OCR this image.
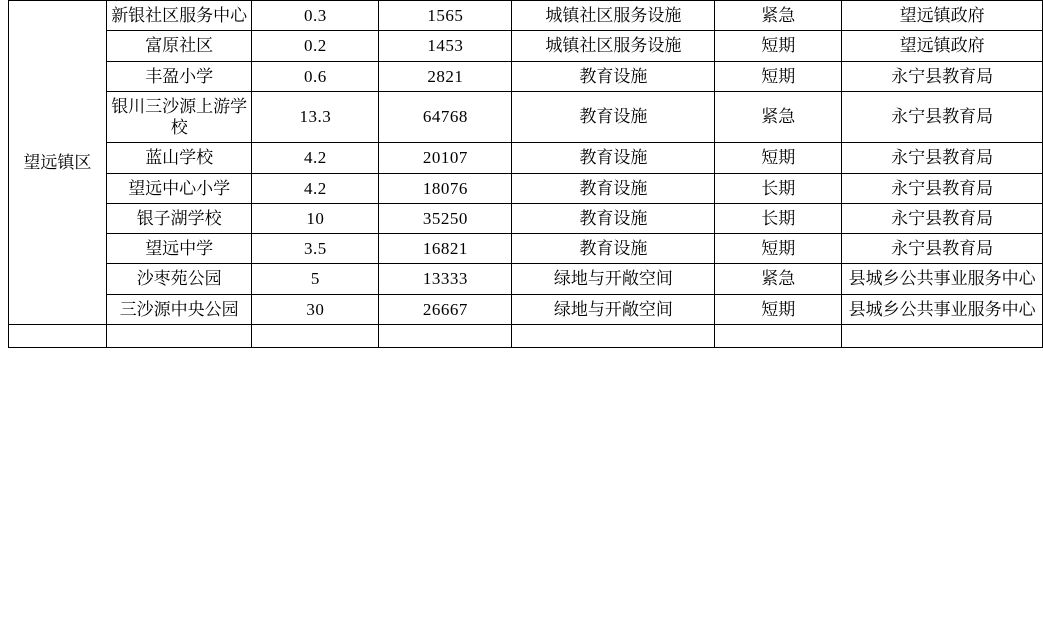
	望远镇区	新银社区服务中心	0.3	1565	城镇社区服务设施	紧急	望远镇政府
		富原社区	0.2	1453	城镇社区服务设施	短期	望远镇政府
		丰盈小学	0.6	2821	教育设施	短期	永宁县教育局
		银川三沙源上游学校	13.3	64768	教育设施	紧急	永宁县教育局
		蓝山学校	4.2	20107	教育设施	短期	永宁县教育局
		望远中心小学	4.2	18076	教育设施	长期	永宁县教育局
		银子湖学校	10	35250	教育设施	长期	永宁县教育局
		望远中学	3.5	16821	教育设施	短期	永宁县教育局
		沙枣苑公园	5	13333	绿地与开敞空间	紧急	县城乡公共事业服务中心
		三沙源中央公园	30	26667	绿地与开敞空间	短期	县城乡公共事业服务中心
